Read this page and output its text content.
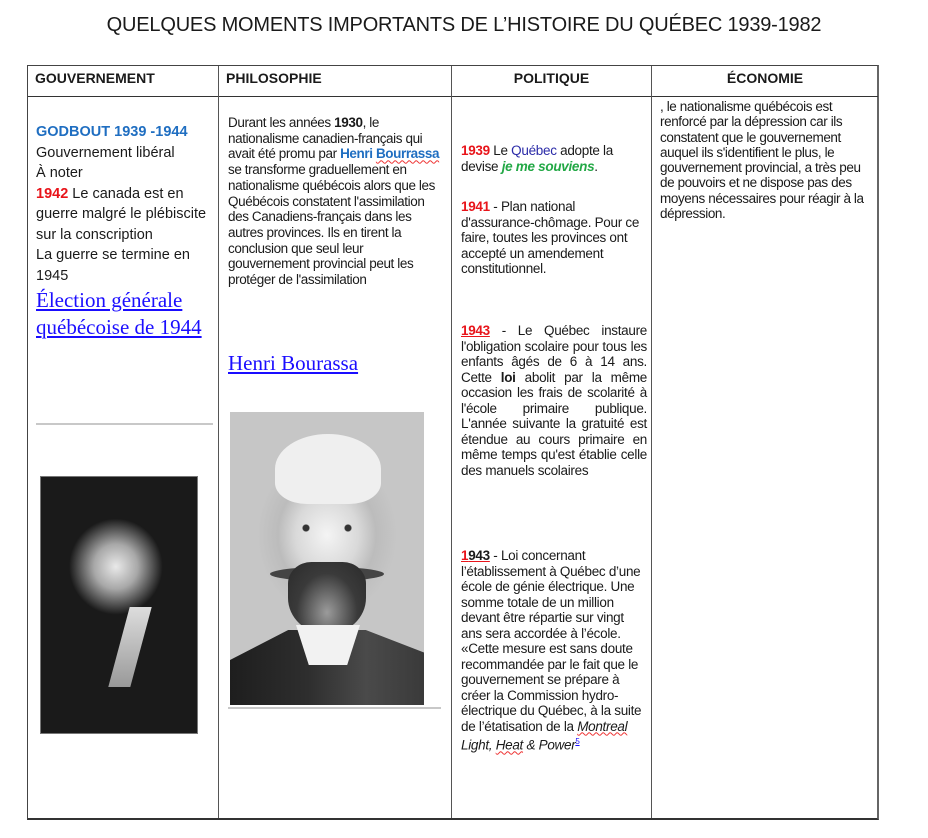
QUELQUES MOMENTS IMPORTANTS DE L’HISTOIRE DU QUÉBEC 1939-1982
GOUVERNEMENT
GODBOUT 1939 -1944
Gouvernement libéral
À noter
1942 Le canada est en guerre malgré le plébiscite sur la conscription
La guerre se termine en 1945
Élection générale québécoise de 1944
PHILOSOPHIE
Durant les années 1930, le nationalisme canadien-français qui avait été promu par Henri Bourrassa se transforme graduellement en nationalisme québécois alors que les Québécois constatent l'assimilation des Canadiens-français dans les autres provinces. Ils en tirent la conclusion que seul leur gouvernement provincial peut les protéger de l'assimilation
Henri Bourassa
POLITIQUE
1939 Le Québec adopte la devise je me souviens.
1941 - Plan national d'assurance-chômage. Pour ce faire, toutes les provinces ont accepté un amendement constitutionnel.
1943 - Le Québec instaure l'obligation scolaire pour tous les enfants âgés de 6 à 14 ans. Cette loi abolit par la même occasion les frais de scolarité à l'école primaire publique. L'année suivante la gratuité est étendue au cours primaire en même temps qu'est établie celle des manuels scolaires
1943 - Loi concernant l’établissement à Québec d’une école de génie électrique. Une somme totale de un million devant être répartie sur vingt ans sera accordée à l’école. «Cette mesure est sans doute recommandée par le fait que le gouvernement se prépare à créer la Commission hydro-électrique du Québec, à la suite de l’étatisation de la Montreal Light, Heat & Power$^5$
ÉCONOMIE
, le nationalisme québécois est renforcé par la dépression car ils constatent que le gouvernement auquel ils s'identifient le plus, le gouvernement provincial, a très peu de pouvoirs et ne dispose pas des moyens nécessaires pour réagir à la dépression.
